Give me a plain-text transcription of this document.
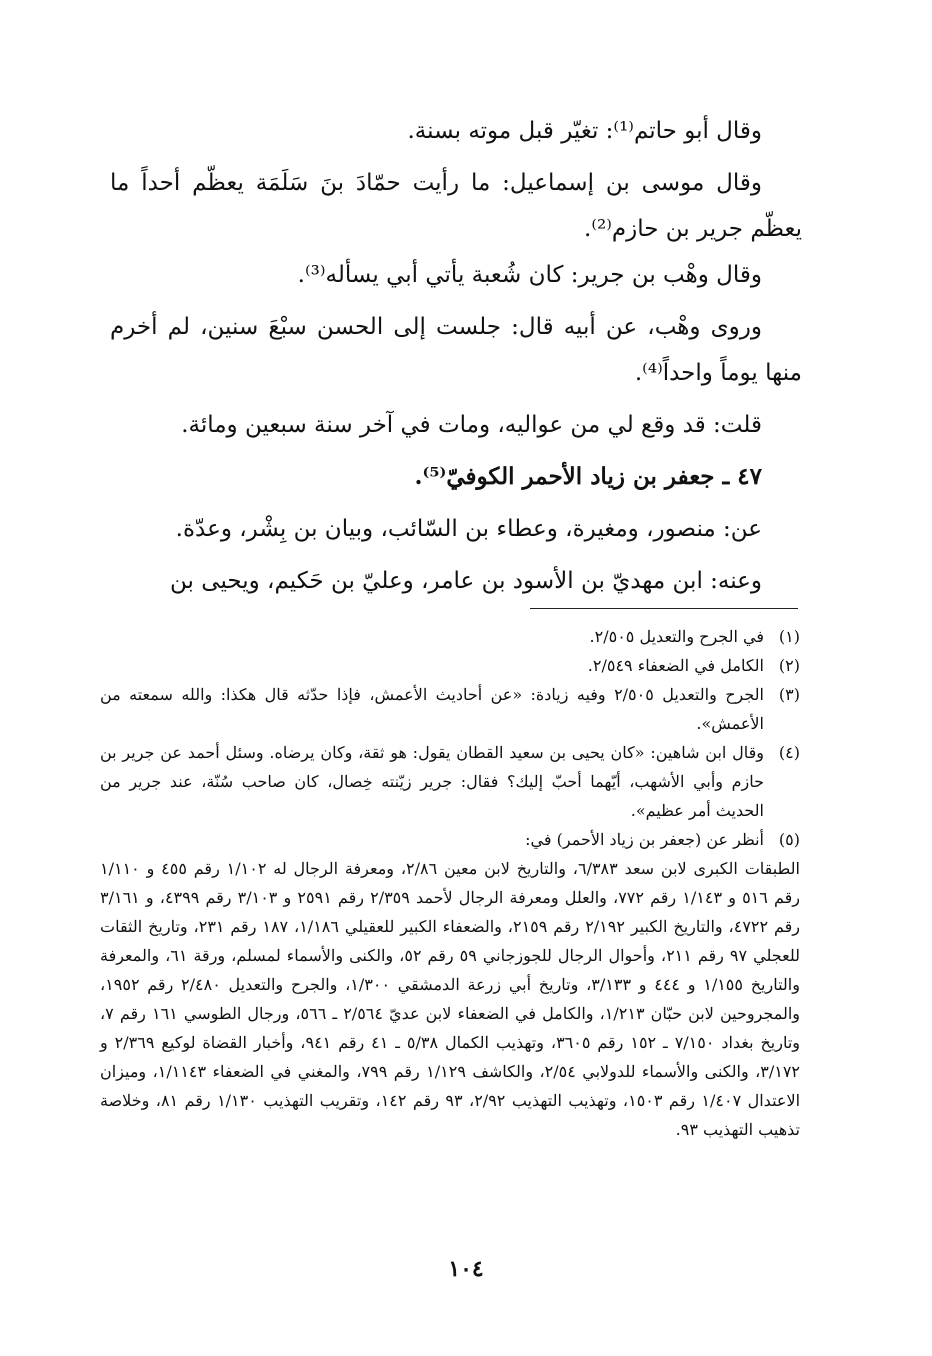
وقال أبو حاتم⁽¹⁾: تغيّر قبل موته بسنة.

وقال موسى بن إسماعيل: ما رأيت حمّادَ بنَ سَلَمَة يعظّم أحداً ما يعظّم جرير بن حازم⁽²⁾.

وقال وهْب بن جرير: كان شُعبة يأتي أبي يسأله⁽³⁾.

وروى وهْب، عن أبيه قال: جلست إلى الحسن سبْعَ سنين، لم أخرم منها يوماً واحداً⁽⁴⁾.

قلت: قد وقع لي من عواليه، ومات في آخر سنة سبعين ومائة.

٤٧ ـ جعفر بن زياد الأحمر الكوفيّ⁽⁵⁾.

عن: منصور، ومغيرة، وعطاء بن السّائب، وبيان بن بِشْر، وعدّة.

وعنه: ابن مهديّ بن الأسود بن عامر، وعليّ بن حَكيم، ويحيى بن

(١)
في الجرح والتعديل ٢/٥٠٥.

(٢)
الكامل في الضعفاء ٢/٥٤٩.

(٣)
الجرح والتعديل ٢/٥٠٥ وفيه زيادة: «عن أحاديث الأعمش، فإذا حدّثه قال هكذا: والله سمعته من الأعمش».

(٤)
وقال ابن شاهين: «كان يحيى بن سعيد القطان يقول: هو ثقة، وكان يرضاه. وسئل أحمد عن جرير بن حازم وأبي الأشهب، أيّهما أحبّ إليك؟ فقال: جرير زيّنته خِصال، كان صاحب سُنّة، عند جرير من الحديث أمر عظيم».

(٥)
أنظر عن (جعفر بن زياد الأحمر) في:

الطبقات الكبرى لابن سعد ٦/٣٨٣، والتاريخ لابن معين ٢/٨٦، ومعرفة الرجال له ١/١٠٢ رقم ٤٥٥ و ١/١١٠ رقم ٥١٦ و ١/١٤٣ رقم ٧٧٢، والعلل ومعرفة الرجال لأحمد ٢/٣٥٩ رقم ٢٥٩١ و ٣/١٠٣ رقم ٤٣٩٩، و ٣/١٦١ رقم ٤٧٢٢، والتاريخ الكبير ٢/١٩٢ رقم ٢١٥٩، والضعفاء الكبير للعقيلي ١/١٨٦، ١٨٧ رقم ٢٣١، وتاريخ الثقات للعجلي ٩٧ رقم ٢١١، وأحوال الرجال للجوزجاني ٥٩ رقم ٥٢، والكنى والأسماء لمسلم، ورقة ٦١، والمعرفة والتاريخ ١/١٥٥ و ٤٤٤ و ٣/١٣٣، وتاريخ أبي زرعة الدمشقي ١/٣٠٠، والجرح والتعديل ٢/٤٨٠ رقم ١٩٥٢، والمجروحين لابن حبّان ١/٢١٣، والكامل في الضعفاء لابن عديّ ٢/٥٦٤ ـ ٥٦٦، ورجال الطوسي ١٦١ رقم ٧، وتاريخ بغداد ٧/١٥٠ ـ ١٥٢ رقم ٣٦٠٥، وتهذيب الكمال ٥/٣٨ ـ ٤١ رقم ٩٤١، وأخبار القضاة لوكيع ٢/٣٦٩ و ٣/١٧٢، والكنى والأسماء للدولابي ٢/٥٤، والكاشف ١/١٢٩ رقم ٧٩٩، والمغني في الضعفاء ١/١١٤٣، وميزان الاعتدال ١/٤٠٧ رقم ١٥٠٣، وتهذيب التهذيب ٢/٩٢، ٩٣ رقم ١٤٢، وتقريب التهذيب ١/١٣٠ رقم ٨١، وخلاصة تذهيب التهذيب ٩٣.

١٠٤
